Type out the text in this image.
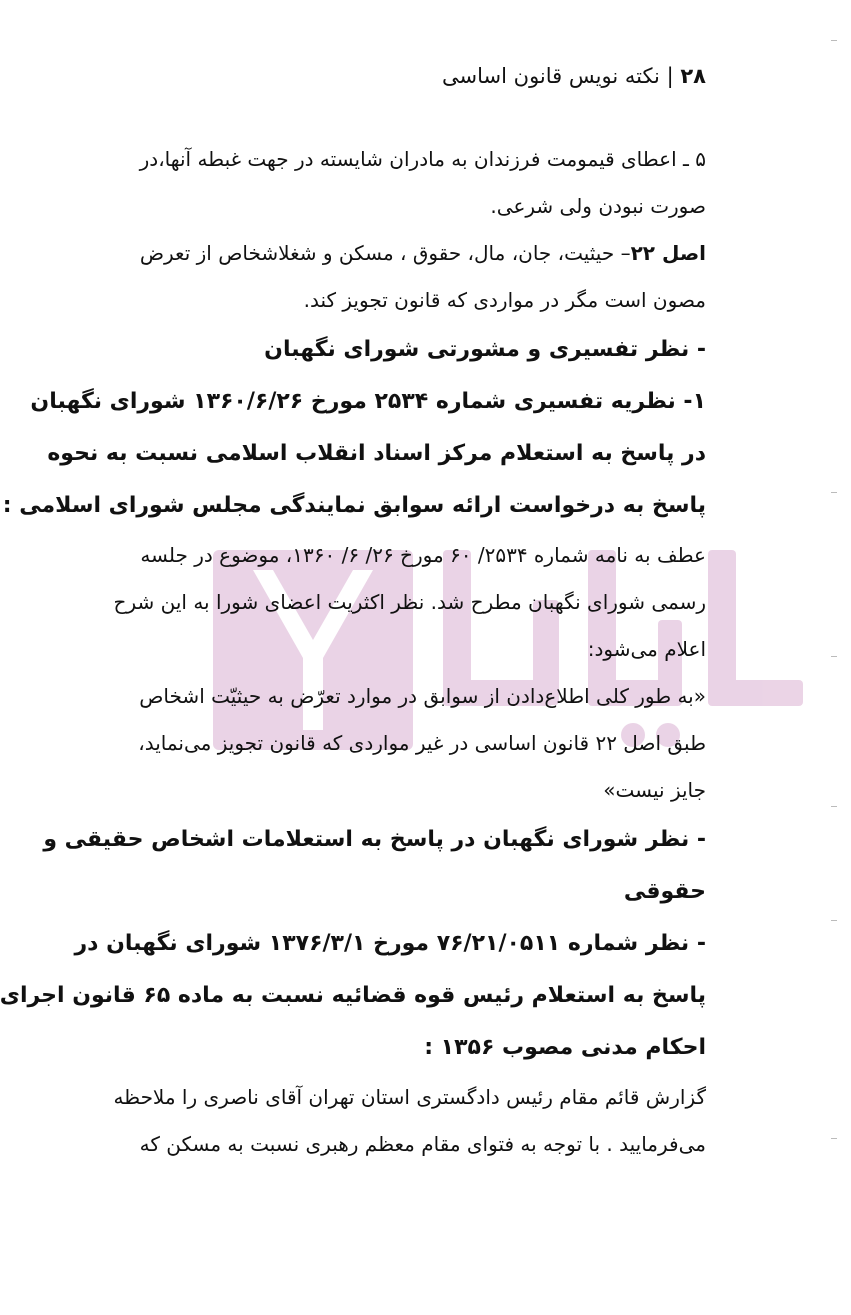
۲۸ | نکته نویس قانون اساسی
۵ ـ اعطای قیمومت فرزندان به مادران شایسته در جهت غبطه آنها،در
صورت نبودن ولی شرعی.
اصل ۲۲– حیثیت، جان، مال، حقوق ، مسکن و شغلاشخاص از تعرض
مصون است مگر در مواردی که قانون تجویز کند.
- نظر تفسیری و مشورتی شورای نگهبان
۱- نظریه تفسیری شماره ۲۵۳۴ مورخ ۱۳۶۰/۶/۲۶ شورای نگهبان
در پاسخ به استعلام مرکز اسناد انقلاب اسلامی نسبت به نحوه
پاسخ به درخواست ارائه سوابق نمایندگی مجلس شورای اسلامی :
عطف به نامه شماره ۲۵۳۴/ ۶۰ مورخ ۲۶/ ۶/ ۱۳۶۰، موضوع در جلسه
رسمی شورای نگهبان مطرح شد. نظر اکثریت اعضای شورا به این شرح
اعلام می‌شود:
«به طور کلی اطلاع‌دادن از سوابق در موارد تعرّض به حیثیّت اشخاص
طبق اصل ۲۲ قانون اساسی در غیر مواردی که قانون تجویز می‌نماید،
جایز نیست»
- نظر شورای نگهبان در پاسخ به استعلامات اشخاص حقیقی و
حقوقی
- نظر شماره ۷۶/۲۱/۰۵۱۱ مورخ ۱۳۷۶/۳/۱ شورای نگهبان در
پاسخ به استعلام رئیس قوه قضائیه نسبت به ماده ۶۵ قانون اجرای
احکام مدنی مصوب ۱۳۵۶ :
گزارش قائم مقام رئیس دادگستری استان تهران آقای ناصری را ملاحظه
می‌فرمایید . با توجه به فتوای مقام معظم رهبری نسبت به مسکن که
